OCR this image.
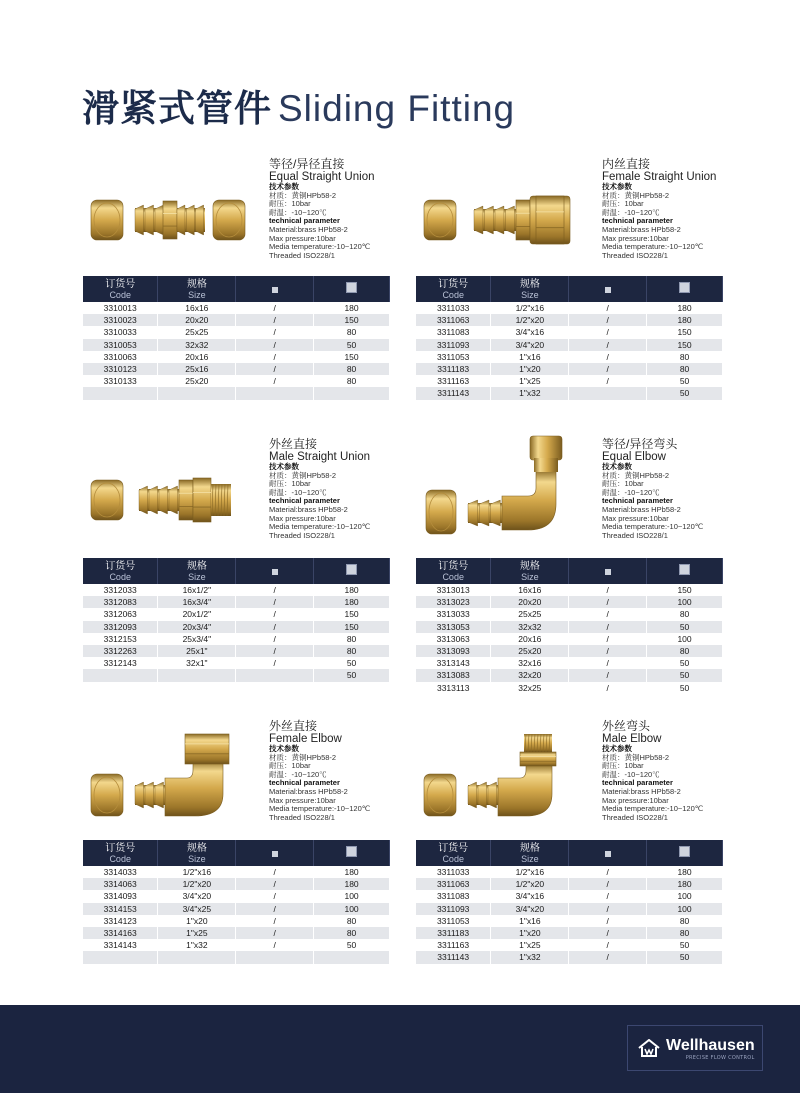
滑紧式管件 Sliding Fitting
等径/异径直接
Equal Straight Union
技术参数
材质：黄铜HPb58-2
耐压：10bar
耐温：-10~120℃
technical parameter
Material:brass HPb58-2
Max pressure:10bar
Media temperature:-10~120℃
Threaded ISO228/1
订货号
Code	规格
Size		

3310013	16x16	/	180
3310023	20x20	/	150
3310033	25x25	/	80
3310053	32x32	/	50
3310063	20x16	/	150
3310123	25x16	/	80
3310133	25x20	/	80

内丝直接
Female Straight Union
技术参数
材质：黄铜HPb58-2
耐压：10bar
耐温：-10~120℃
technical parameter
Material:brass HPb58-2
Max pressure:10bar
Media temperature:-10~120℃
Threaded ISO228/1
订货号
Code	规格
Size		

3311033	1/2"x16	/	180
3311063	1/2"x20	/	180
3311083	3/4"x16	/	150
3311093	3/4"x20	/	150
3311053	1"x16	/	80
3311183	1"x20	/	80
3311163	1"x25	/	50
3311143	1"x32		50

外丝直接
Male Straight Union
技术参数
材质：黄铜HPb58-2
耐压：10bar
耐温：-10~120℃
technical parameter
Material:brass HPb58-2
Max pressure:10bar
Media temperature:-10~120℃
Threaded ISO228/1
订货号
Code	规格
Size		

3312033	16x1/2"	/	180
3312083	16x3/4"	/	180
3312063	20x1/2"	/	150
3312093	20x3/4"	/	150
3312153	25x3/4"	/	80
3312263	25x1"	/	80
3312143	32x1"	/	50
			50

等径/异径弯头
Equal Elbow
技术参数
材质：黄铜HPb58-2
耐压：10bar
耐温：-10~120℃
technical parameter
Material:brass HPb58-2
Max pressure:10bar
Media temperature:-10~120℃
Threaded ISO228/1
订货号
Code	规格
Size		

3313013	16x16	/	150
3313023	20x20	/	100
3313033	25x25	/	80
3313053	32x32	/	50
3313063	20x16	/	100
3313093	25x20	/	80
3313143	32x16	/	50
3313083	32x20	/	50
3313113	32x25	/	50
外丝直接
Female Elbow
技术参数
材质：黄铜HPb58-2
耐压：10bar
耐温：-10~120℃
technical parameter
Material:brass HPb58-2
Max pressure:10bar
Media temperature:-10~120℃
Threaded ISO228/1
订货号
Code	规格
Size		

3314033	1/2"x16	/	180
3314063	1/2"x20	/	180
3314093	3/4"x20	/	100
3314153	3/4"x25	/	100
3314123	1"x20	/	80
3314163	1"x25	/	80
3314143	1"x32	/	50

外丝弯头
Male Elbow
技术参数
材质：黄铜HPb58-2
耐压：10bar
耐温：-10~120℃
technical parameter
Material:brass HPb58-2
Max pressure:10bar
Media temperature:-10~120℃
Threaded ISO228/1
订货号
Code	规格
Size		

3311033	1/2"x16	/	180
3311063	1/2"x20	/	180
3311083	3/4"x16	/	100
3311093	3/4"x20	/	100
3311053	1"x16	/	80
3311183	1"x20	/	80
3311163	1"x25	/	50
3311143	1"x32	/	50

Wellhausen
PRECISE FLOW CONTROL
